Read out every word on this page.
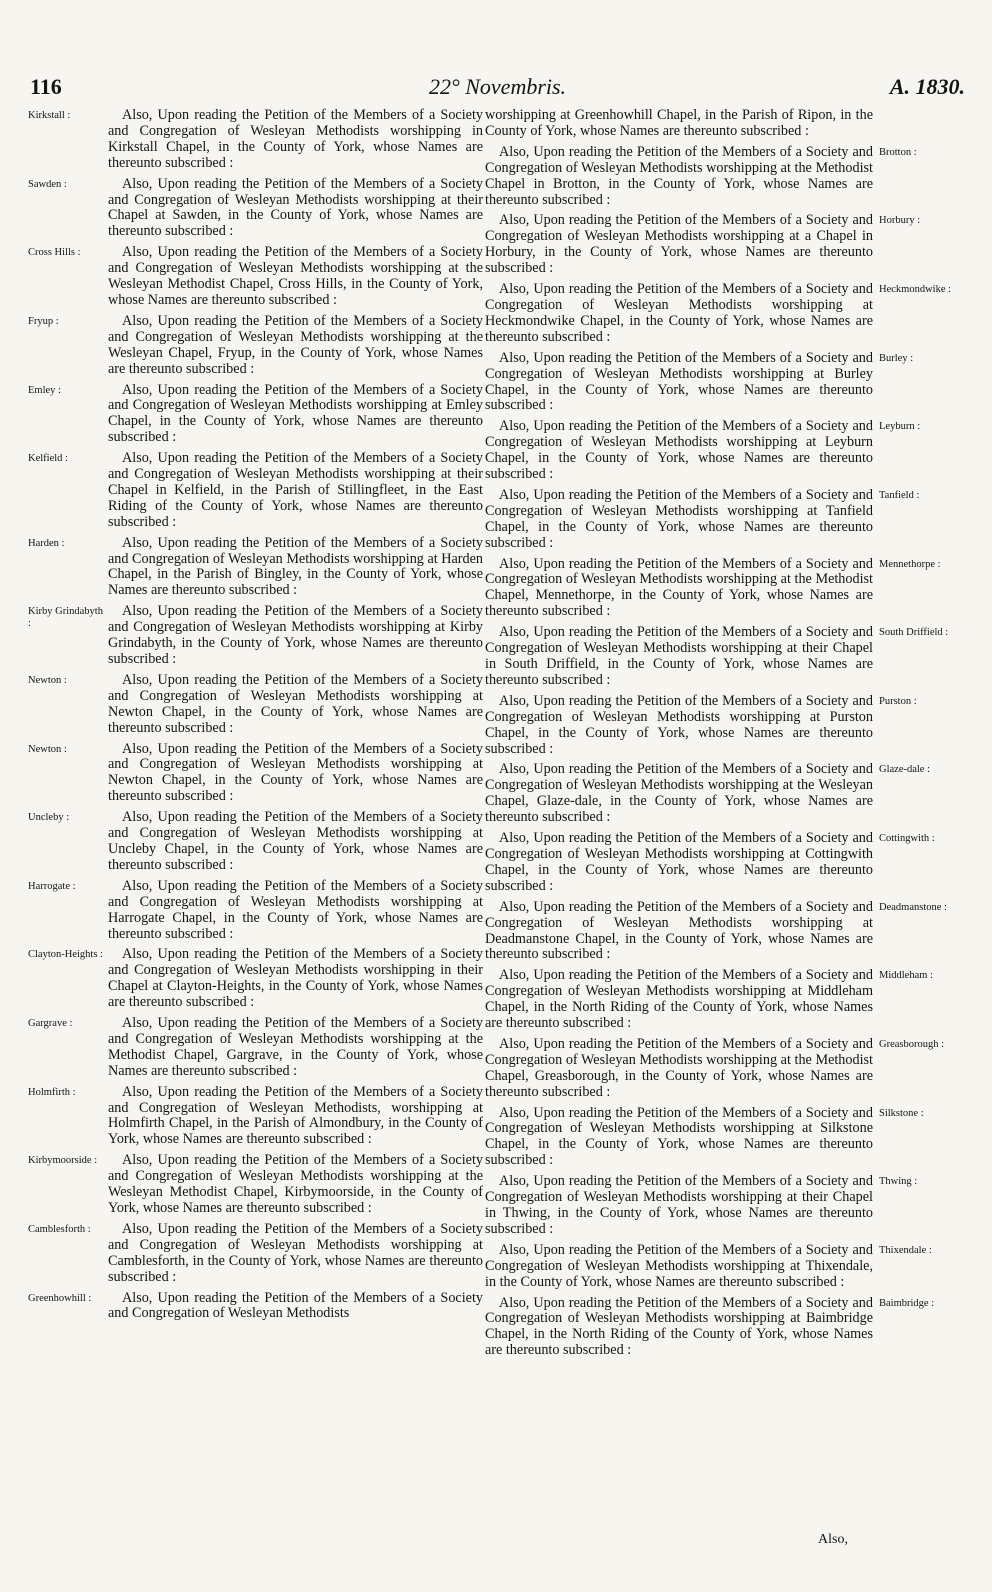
116	22° Novembris.	A. 1830.
Kirkstall :	Also, Upon reading the Petition of the Members of a Society and Congregation of Wesleyan Methodists worshipping in Kirkstall Chapel, in the County of York, whose Names are thereunto subscribed :

Sawden :	Also, Upon reading the Petition of the Members of a Society and Congregation of Wesleyan Methodists worshipping at their Chapel at Sawden, in the County of York, whose Names are thereunto subscribed :

Cross Hills :	Also, Upon reading the Petition of the Members of a Society and Congregation of Wesleyan Methodists worshipping at the Wesleyan Methodist Chapel, Cross Hills, in the County of York, whose Names are thereunto subscribed :

Fryup :	Also, Upon reading the Petition of the Members of a Society and Congregation of Wesleyan Methodists worshipping at the Wesleyan Chapel, Fryup, in the County of York, whose Names are thereunto subscribed :

Emley :	Also, Upon reading the Petition of the Members of a Society and Congregation of Wesleyan Methodists worshipping at Emley Chapel, in the County of York, whose Names are thereunto subscribed :

Kelfield :	Also, Upon reading the Petition of the Members of a Society and Congregation of Wesleyan Methodists worshipping at their Chapel in Kelfield, in the Parish of Stillingfleet, in the East Riding of the County of York, whose Names are thereunto subscribed :

Harden :	Also, Upon reading the Petition of the Members of a Society and Congregation of Wesleyan Methodists worshipping at Harden Chapel, in the Parish of Bingley, in the County of York, whose Names are thereunto subscribed :

Kirby Grindabyth :

Also, Upon reading the Petition of the Members of a Society and Congregation of Wesleyan Methodists worshipping at Kirby Grindabyth, in the County of York, whose Names are thereunto subscribed :

Newton :	Also, Upon reading the Petition of the Members of a Society and Congregation of Wesleyan Methodists worshipping at Newton Chapel, in the County of York, whose Names are thereunto subscribed :

Newton :	Also, Upon reading the Petition of the Members of a Society and Congregation of Wesleyan Methodists worshipping at Newton Chapel, in the County of York, whose Names are thereunto subscribed :

Uncleby :	Also, Upon reading the Petition of the Members of a Society and Congregation of Wesleyan Methodists worshipping at Uncleby Chapel, in the County of York, whose Names are thereunto subscribed :

Harrogate :	Also, Upon reading the Petition of the Members of a Society and Congregation of Wesleyan Methodists worshipping at Harrogate Chapel, in the County of York, whose Names are thereunto subscribed :

Clayton-Heights :	Also, Upon reading the Petition of the Members of a Society and Congregation of Wesleyan Methodists worshipping in their Chapel at Clayton-Heights, in the County of York, whose Names are thereunto subscribed :

Gargrave :	Also, Upon reading the Petition of the Members of a Society and Congregation of Wesleyan Methodists worshipping at the Methodist Chapel, Gargrave, in the County of York, whose Names are thereunto subscribed :

Holmfirth :	Also, Upon reading the Petition of the Members of a Society and Congregation of Wesleyan Methodists, worshipping at Holmfirth Chapel, in the Parish of Almondbury, in the County of York, whose Names are thereunto subscribed :

Kirbymoorside :	Also, Upon reading the Petition of the Members of a Society and Congregation of Wesleyan Methodists worshipping at the Wesleyan Methodist Chapel, Kirbymoorside, in the County of York, whose Names are thereunto subscribed :

Camblesforth :	Also, Upon reading the Petition of the Members of a Society and Congregation of Wesleyan Methodists worshipping at Camblesforth, in the County of York, whose Names are thereunto subscribed :

Greenhowhill :	Also, Upon reading the Petition of the Members of a Society and Congregation of Wesleyan Methodists

worshipping at Greenhowhill Chapel, in the Parish of Ripon, in the County of York, whose Names are thereunto subscribed :

Brotton :

Also, Upon reading the Petition of the Members of a Society and Congregation of Wesleyan Methodists worshipping at the Methodist Chapel in Brotton, in the County of York, whose Names are thereunto subscribed :

Horbury :

Also, Upon reading the Petition of the Members of a Society and Congregation of Wesleyan Methodists worshipping at a Chapel in Horbury, in the County of York, whose Names are thereunto subscribed :

Heckmondwike :

Also, Upon reading the Petition of the Members of a Society and Congregation of Wesleyan Methodists worshipping at Heckmondwike Chapel, in the County of York, whose Names are thereunto subscribed :

Burley :

Also, Upon reading the Petition of the Members of a Society and Congregation of Wesleyan Methodists worshipping at Burley Chapel, in the County of York, whose Names are thereunto subscribed :

Leyburn :

Also, Upon reading the Petition of the Members of a Society and Congregation of Wesleyan Methodists worshipping at Leyburn Chapel, in the County of York, whose Names are thereunto subscribed :

Tanfield :

Also, Upon reading the Petition of the Members of a Society and Congregation of Wesleyan Methodists worshipping at Tanfield Chapel, in the County of York, whose Names are thereunto subscribed :

Mennethorpe :

Also, Upon reading the Petition of the Members of a Society and Congregation of Wesleyan Methodists worshipping at the Methodist Chapel, Mennethorpe, in the County of York, whose Names are thereunto subscribed :

South Driffield :

Also, Upon reading the Petition of the Members of a Society and Congregation of Wesleyan Methodists worshipping at their Chapel in South Driffield, in the County of York, whose Names are thereunto subscribed :

Purston :

Also, Upon reading the Petition of the Members of a Society and Congregation of Wesleyan Methodists worshipping at Purston Chapel, in the County of York, whose Names are thereunto subscribed :

Glaze-dale :

Also, Upon reading the Petition of the Members of a Society and Congregation of Wesleyan Methodists worshipping at the Wesleyan Chapel, Glaze-dale, in the County of York, whose Names are thereunto subscribed :

Cottingwith :

Also, Upon reading the Petition of the Members of a Society and Congregation of Wesleyan Methodists worshipping at Cottingwith Chapel, in the County of York, whose Names are thereunto subscribed :

Deadmanstone :

Also, Upon reading the Petition of the Members of a Society and Congregation of Wesleyan Methodists worshipping at Deadmanstone Chapel, in the County of York, whose Names are thereunto subscribed :

Middleham :

Also, Upon reading the Petition of the Members of a Society and Congregation of Wesleyan Methodists worshipping at Middleham Chapel, in the North Riding of the County of York, whose Names are thereunto subscribed :

Greasborough :

Also, Upon reading the Petition of the Members of a Society and Congregation of Wesleyan Methodists worshipping at the Methodist Chapel, Greasborough, in the County of York, whose Names are thereunto subscribed :

Silkstone :

Also, Upon reading the Petition of the Members of a Society and Congregation of Wesleyan Methodists worshipping at Silkstone Chapel, in the County of York, whose Names are thereunto subscribed :

Thwing :

Also, Upon reading the Petition of the Members of a Society and Congregation of Wesleyan Methodists worshipping at their Chapel in Thwing, in the County of York, whose Names are thereunto subscribed :

Thixendale :

Also, Upon reading the Petition of the Members of a Society and Congregation of Wesleyan Methodists worshipping at Thixendale, in the County of York, whose Names are thereunto subscribed :

Baimbridge :

Also, Upon reading the Petition of the Members of a Society and Congregation of Wesleyan Methodists worshipping at Baimbridge Chapel, in the North Riding of the County of York, whose Names are thereunto subscribed :

Also,
